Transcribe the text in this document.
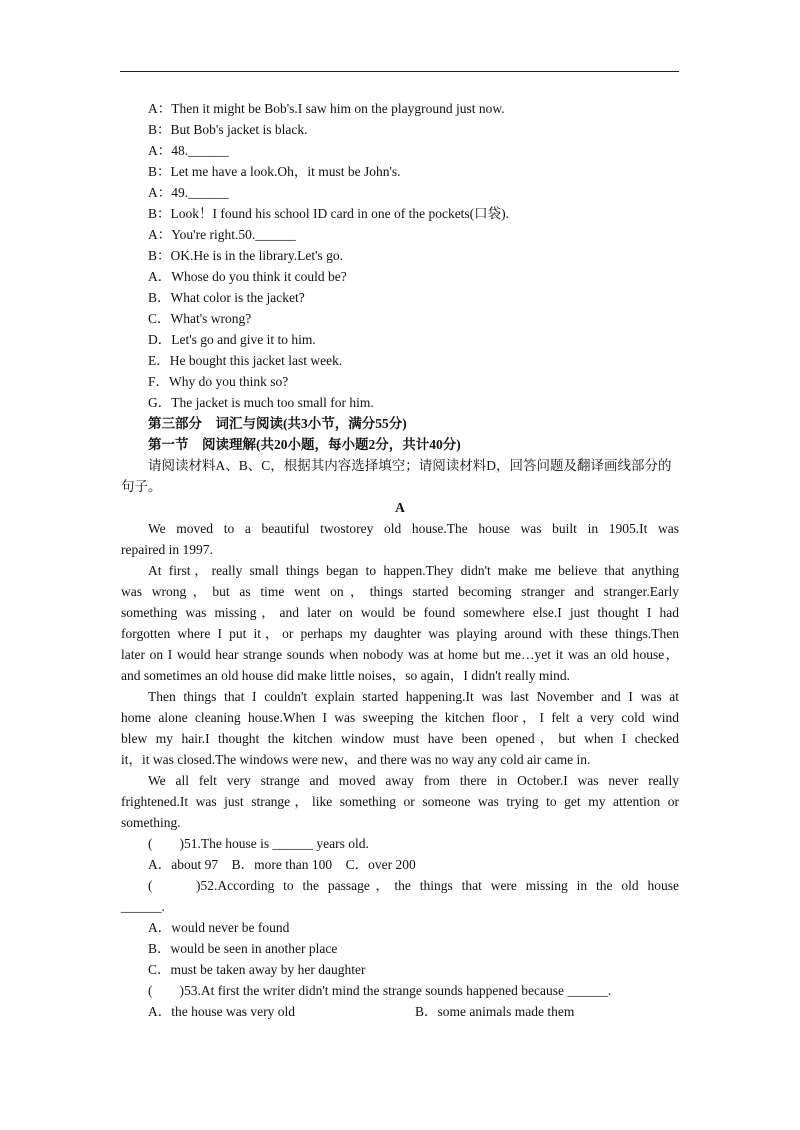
A：Then it might be Bob's.I saw him on the playground just now.
B：But Bob's jacket is black.
A：48.______
B：Let me have a look.Oh，it must be John's.
A：49.______
B：Look！I found his school ID card in one of the pockets(口袋).
A：You're right.50.______
B：OK.He is in the library.Let's go.
A．Whose do you think it could be?
B．What color is the jacket?
C．What's wrong?
D．Let's go and give it to him.
E．He bought this jacket last week.
F．Why do you think so?
G．The jacket is much too small for him.
第三部分　词汇与阅读(共3小节，满分55分)
第一节　阅读理解(共20小题，每小题2分，共计40分)
请阅读材料A、B、C，根据其内容选择填空；请阅读材料D，回答问题及翻译画线部分的
句子。
A
We moved to a beautiful twostorey old house.The house was built in 1905.It was
repaired in 1997.
At first，really small things began to happen.They didn't make me believe that anything
was wrong，but as time went on，things started becoming stranger and stranger.Early
something was missing，and later on would be found somewhere else.I just thought I had
forgotten where I put it，or perhaps my daughter was playing around with these things.Then
later on I would hear strange sounds when nobody was at home but me…yet it was an old house，
and sometimes an old house did make little noises，so again，I didn't really mind.
Then things that I couldn't explain started happening.It was last November and I was at
home alone cleaning house.When I was sweeping the kitchen floor，I felt a very cold wind
blew my hair.I thought the kitchen window must have been opened，but when I checked
it，it was closed.The windows were new，and there was no way any cold air came in.
We all felt very strange and moved away from there in October.I was never really
frightened.It was just strange，like something or someone was trying to get my attention or
something.
(　　)51.The house is ______ years old.
A．about 97　B．more than 100　C．over 200
(　　)52.According to the passage，the things that were missing in the old house
______.
A．would never be found
B．would be seen in another place
C．must be taken away by her daughter
(　　)53.At first the writer didn't mind the strange sounds happened because ______.
A．the house was very old	B．some animals made them
